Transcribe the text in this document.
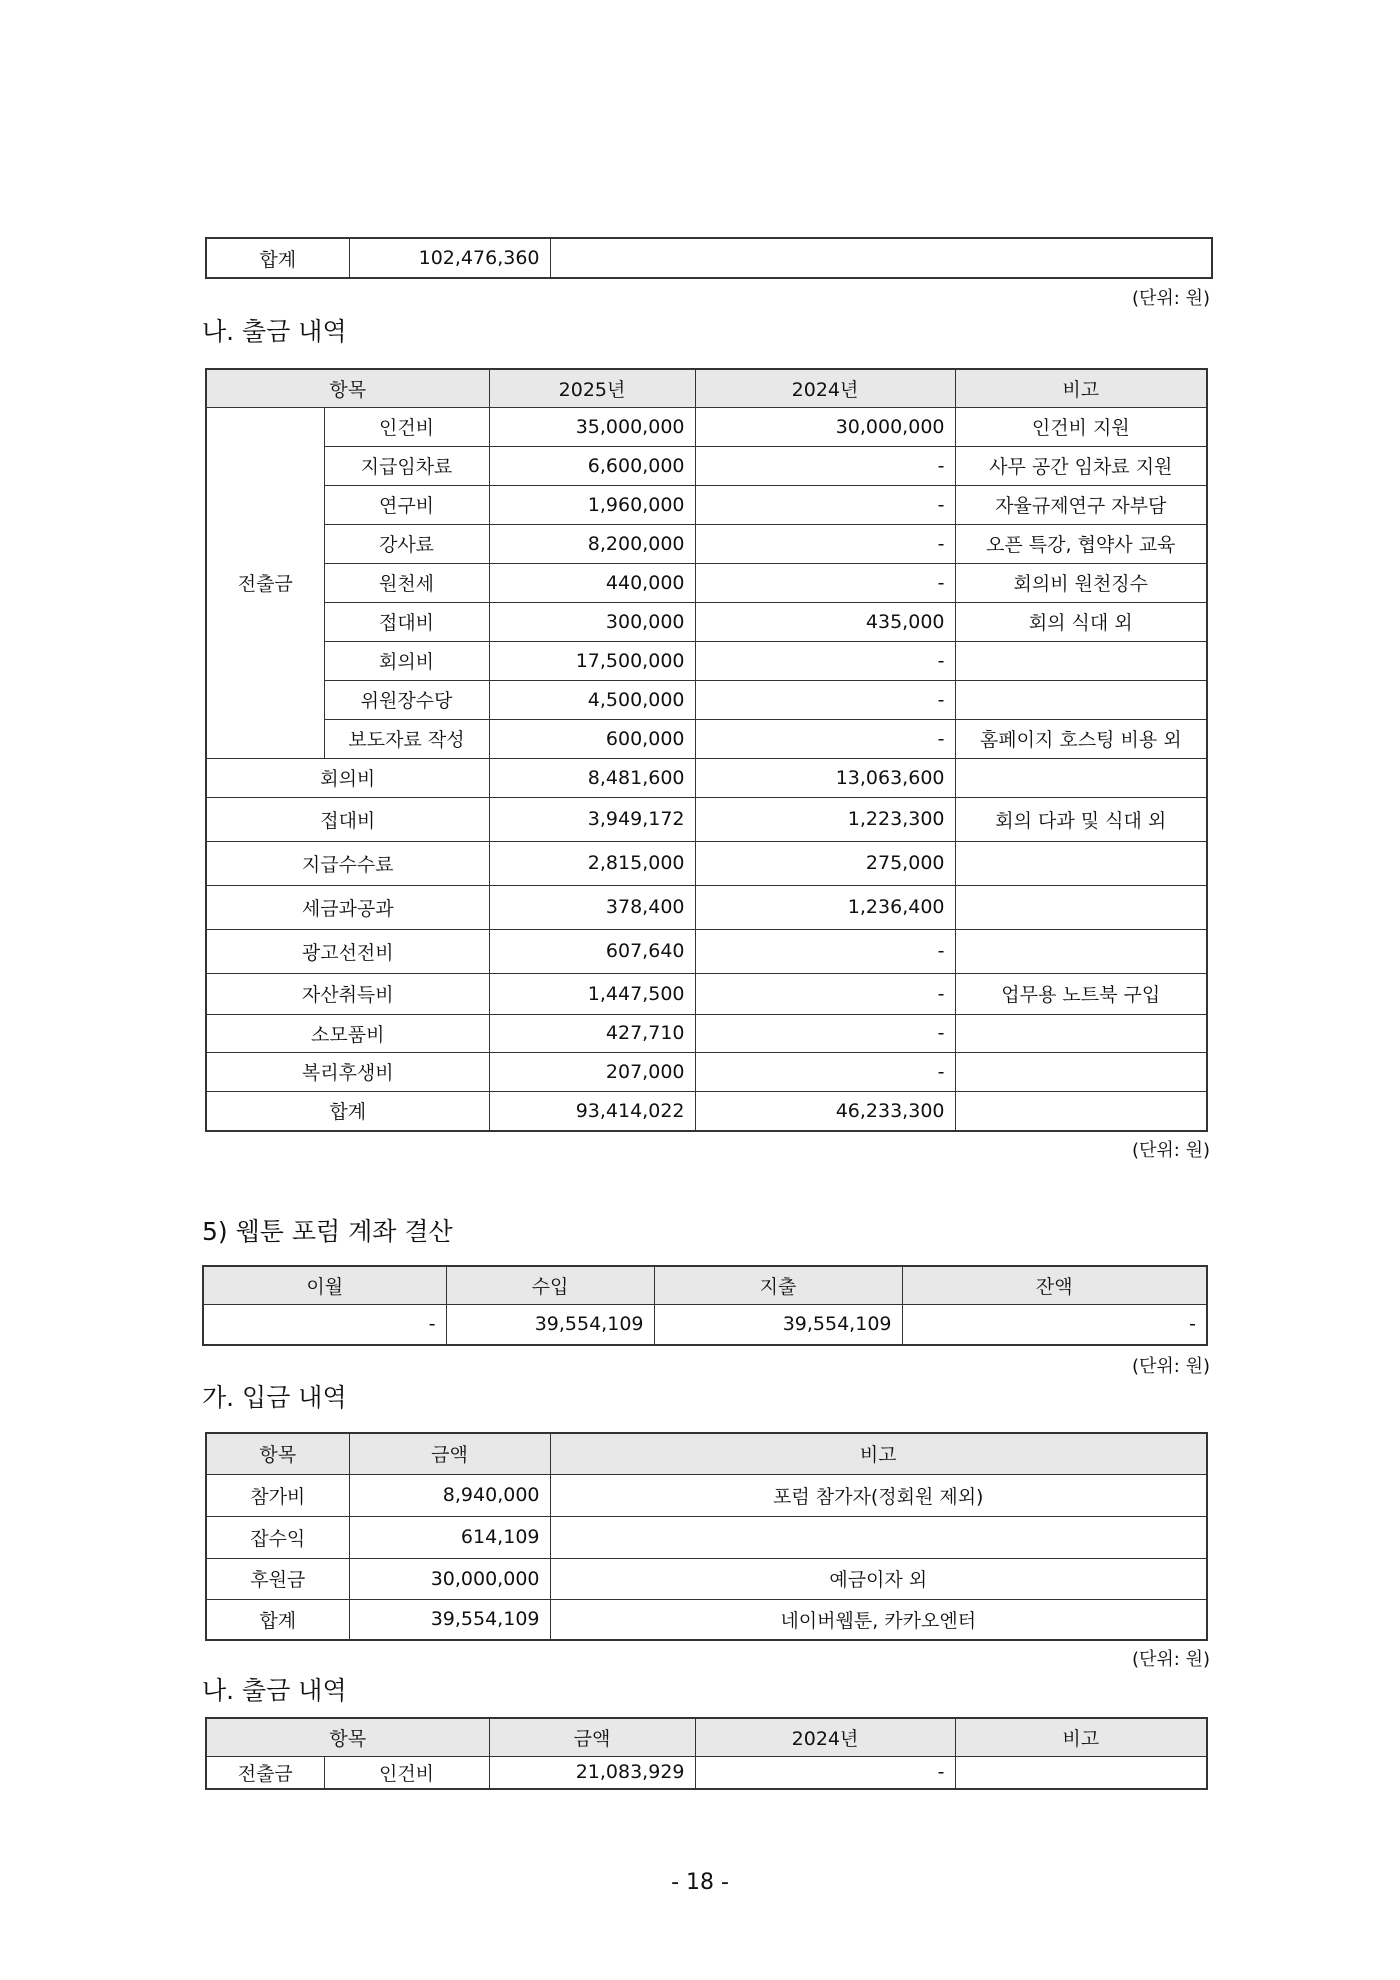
합계	102,476,360	
(단위: 원)
나. 출금 내역
항목		2025년	2024년	비고
전출금	인건비	35,000,000	30,000,000	인건비 지원
	지급임차료	6,600,000	-	사무 공간 임차료 지원
	연구비	1,960,000	-	자율규제연구 자부담
	강사료	8,200,000	-	오픈 특강, 협약사 교육
	원천세	440,000	-	회의비 원천징수
	접대비	300,000	435,000	회의 식대 외
	회의비	17,500,000	-	
	위원장수당	4,500,000	-	
	보도자료 작성	600,000	-	홈페이지 호스팅 비용 외
회의비		8,481,600	13,063,600	
접대비		3,949,172	1,223,300	회의 다과 및 식대 외
지급수수료		2,815,000	275,000	
세금과공과		378,400	1,236,400	
광고선전비		607,640	-	
자산취득비		1,447,500	-	업무용 노트북 구입
소모품비		427,710	-	
복리후생비		207,000	-	
합계		93,414,022	46,233,300	
(단위: 원)
5) 웹툰 포럼 계좌 결산
이월	수입	지출	잔액
-	39,554,109	39,554,109	-
(단위: 원)
가. 입금 내역
항목	금액	비고
참가비	8,940,000	포럼 참가자(정회원 제외)
잡수익	614,109	
후원금	30,000,000	예금이자 외
합계	39,554,109	네이버웹툰, 카카오엔터
(단위: 원)
나. 출금 내역
항목		금액	2024년	비고
전출금	인건비	21,083,929	-	
- 18 -
